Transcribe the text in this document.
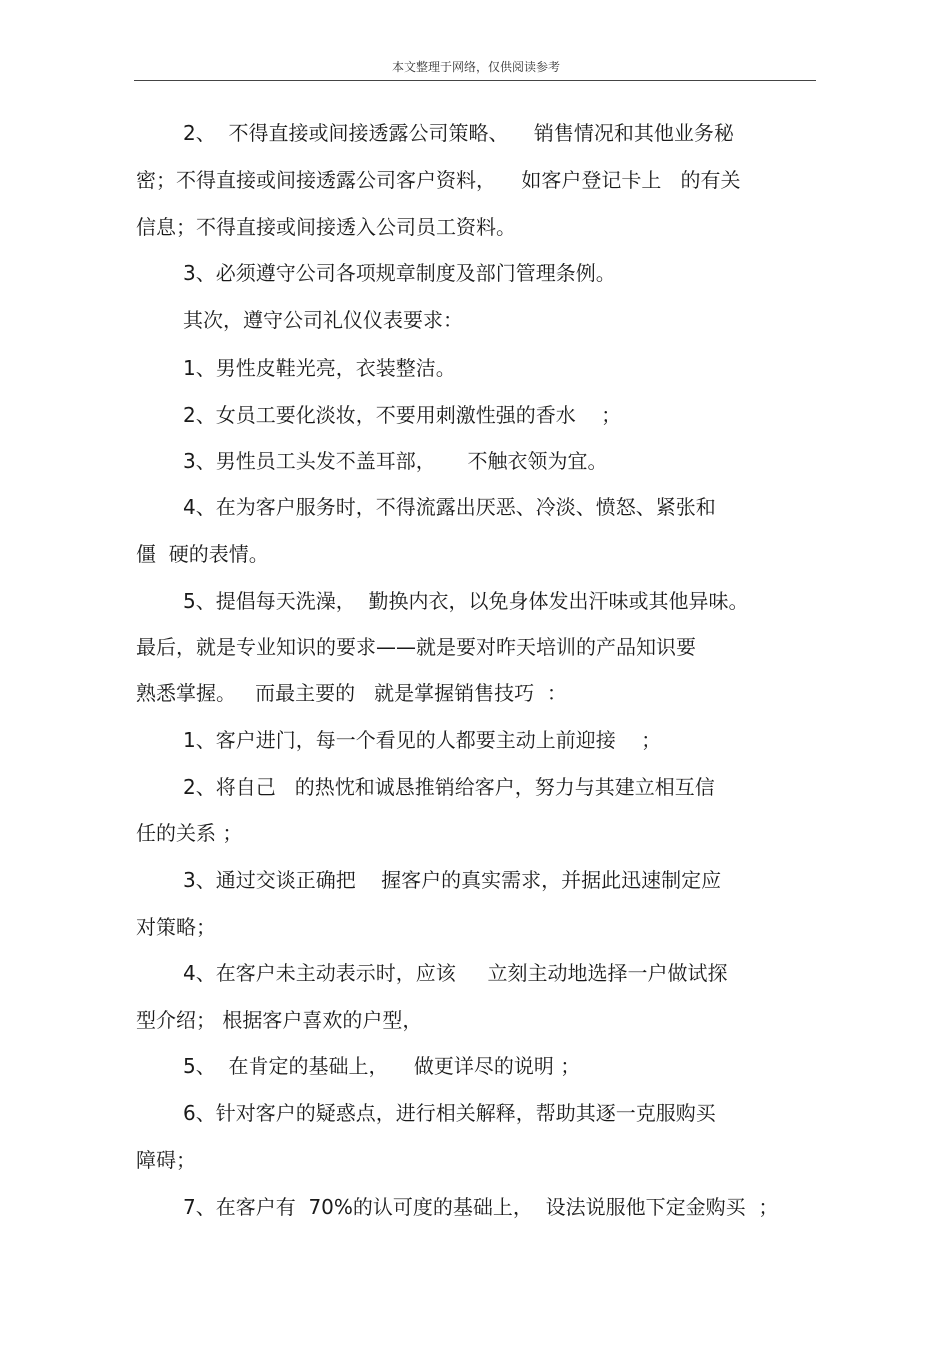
本文整理于网络，仅供阅读参考
2、  不得直接或间接透露公司策略、    销售情况和其他业务秘
密；不得直接或间接透露公司客户资料，    如客户登记卡上   的有关
信息；不得直接或间接透入公司员工资料。
3、必须遵守公司各项规章制度及部门管理条例。
其次，遵守公司礼仪仪表要求：
1、男性皮鞋光亮，衣装整洁。
2、女员工要化淡妆，不要用刺激性强的香水    ；
3、男性员工头发不盖耳部，     不触衣领为宜。
4、在为客户服务时，不得流露出厌恶、冷淡、愤怒、紧张和
僵  硬的表情。
5、提倡每天洗澡，  勤换内衣，以免身体发出汗味或其他异味。
最后，就是专业知识的要求——就是要对昨天培训的产品知识要
熟悉掌握。   而最主要的   就是掌握销售技巧  ：
1、客户进门，每一个看见的人都要主动上前迎接    ；
2、将自己   的热忱和诚恳推销给客户，努力与其建立相互信
任的关系 ；
3、通过交谈正确把    握客户的真实需求，并据此迅速制定应
对策略；
4、在客户未主动表示时，应该     立刻主动地选择一户做试探
型介绍； 根据客户喜欢的户型，
5、  在肯定的基础上，    做更详尽的说明 ；
6、针对客户的疑惑点，进行相关解释，帮助其逐一克服购买
障碍；
7、在客户有  70%的认可度的基础上，  设法说服他下定金购买  ；
